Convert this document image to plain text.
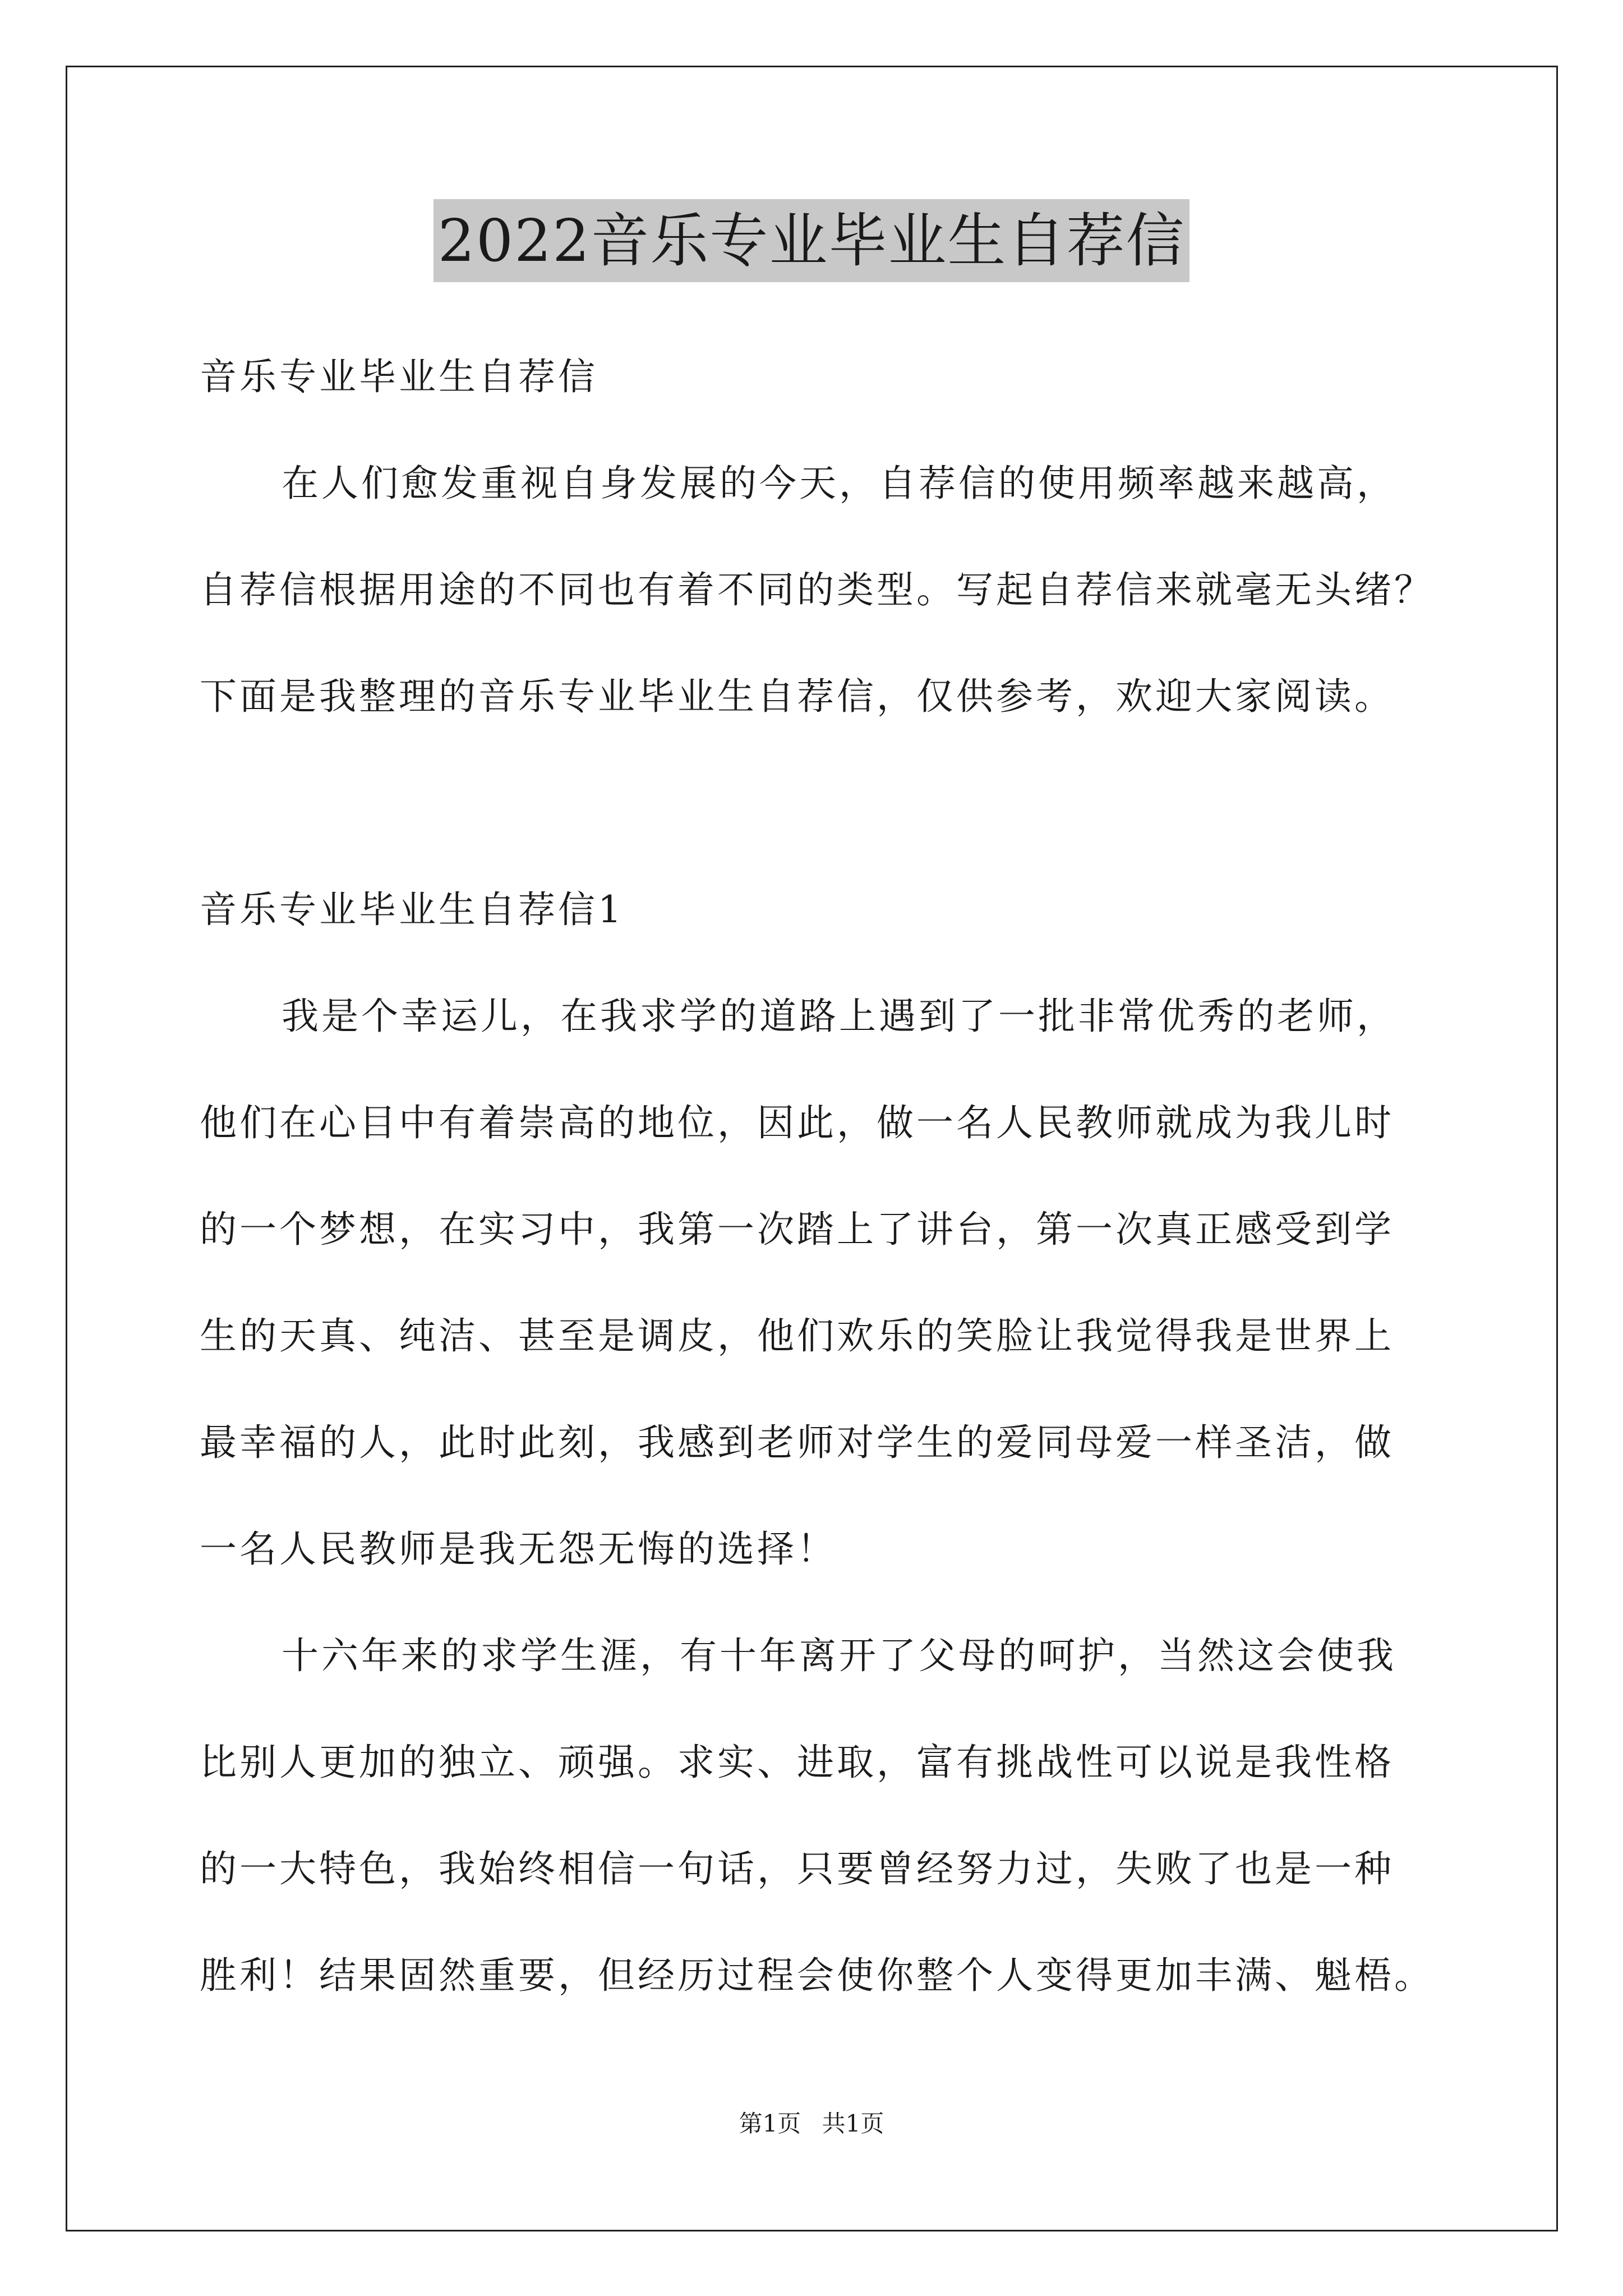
2022音乐专业毕业生自荐信
音乐专业毕业生自荐信
在人们愈发重视自身发展的今天，自荐信的使用频率越来越高，
自荐信根据用途的不同也有着不同的类型。写起自荐信来就毫无头绪？
下面是我整理的音乐专业毕业生自荐信，仅供参考，欢迎大家阅读。
音乐专业毕业生自荐信1
我是个幸运儿，在我求学的道路上遇到了一批非常优秀的老师，
他们在心目中有着崇高的地位，因此，做一名人民教师就成为我儿时
的一个梦想，在实习中，我第一次踏上了讲台，第一次真正感受到学
生的天真、纯洁、甚至是调皮，他们欢乐的笑脸让我觉得我是世界上
最幸福的人，此时此刻，我感到老师对学生的爱同母爱一样圣洁，做
一名人民教师是我无怨无悔的选择！
十六年来的求学生涯，有十年离开了父母的呵护，当然这会使我
比别人更加的独立、顽强。求实、进取，富有挑战性可以说是我性格
的一大特色，我始终相信一句话，只要曾经努力过，失败了也是一种
胜利！结果固然重要，但经历过程会使你整个人变得更加丰满、魁梧。
第1页 共1页
